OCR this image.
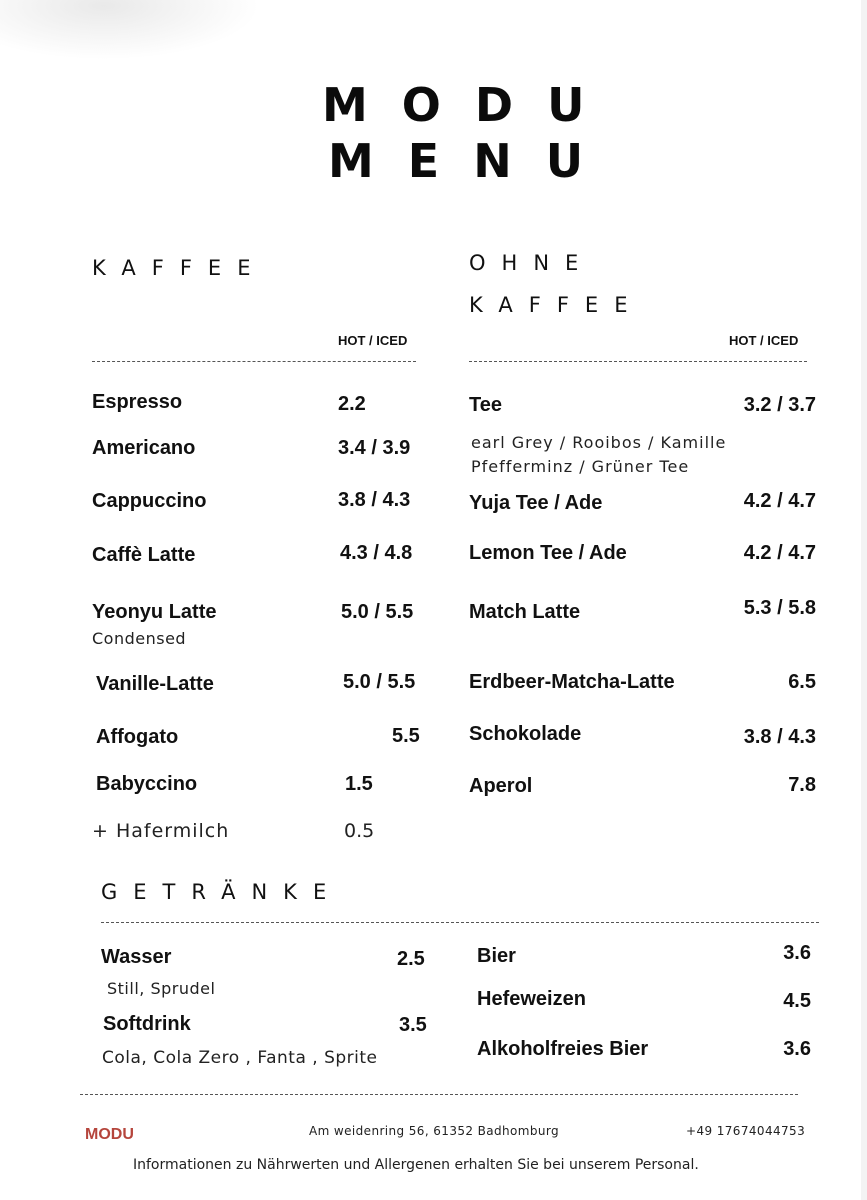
MODU
MENU
KAFFEE
HOT / ICED
Espresso	2.2
Americano	3.4 / 3.9
Cappuccino	3.8 / 4.3
Caffè Latte	4.3 / 4.8
Yeonyu Latte	5.0 / 5.5
Condensed
Vanille-Latte	5.0 / 5.5
Affogato	5.5
Babyccino	1.5
+ Hafermilch	0.5
OHNE
KAFFEE
HOT / ICED
Tee	3.2 / 3.7
earl Grey / Rooibos / Kamille
Pfefferminz / Grüner Tee
Yuja Tee / Ade	4.2 / 4.7
Lemon Tee / Ade	4.2 / 4.7
Match Latte	5.3 / 5.8
Erdbeer-Matcha-Latte	6.5
Schokolade	3.8 / 4.3
Aperol	7.8
GETRÄNKE
Wasser	2.5
Still, Sprudel
Softdrink	3.5
Cola, Cola Zero , Fanta , Sprite
Bier	3.6
Hefeweizen	4.5
Alkoholfreies Bier	3.6
MODU	Am weidenring 56, 61352 Badhomburg	+49 17674044753
Informationen zu Nährwerten und Allergenen erhalten Sie bei unserem Personal.
